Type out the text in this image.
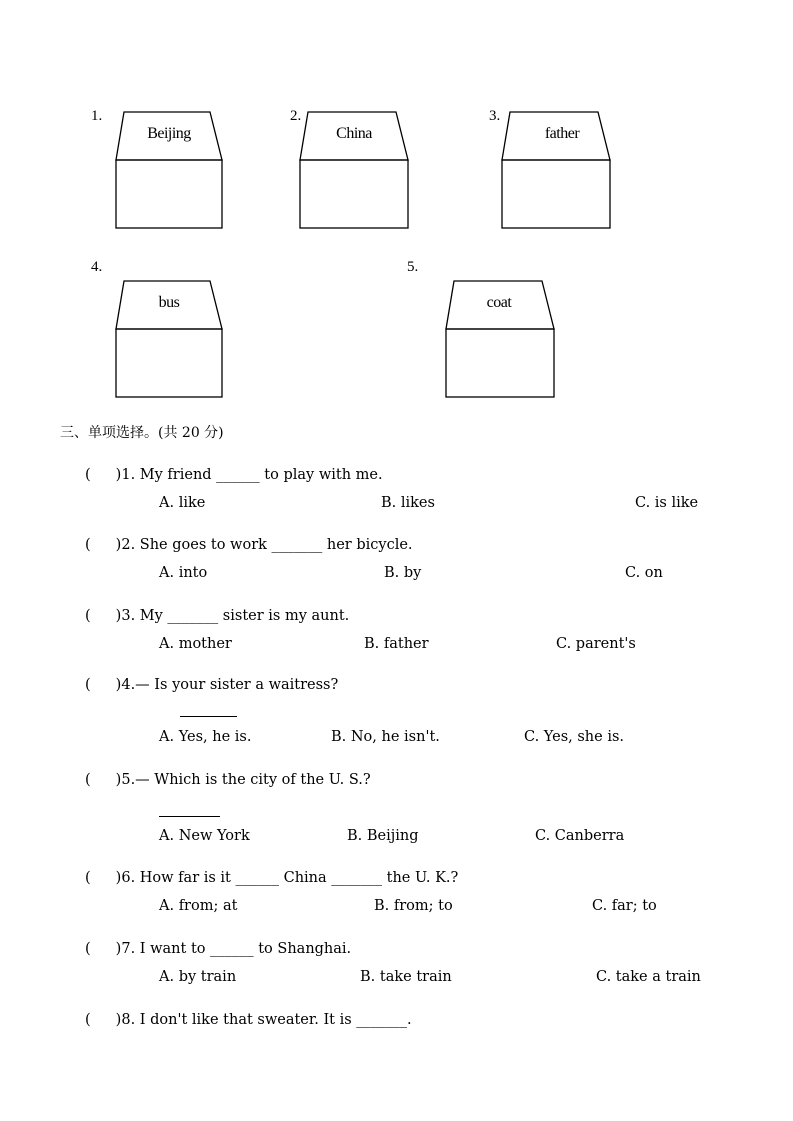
1.
Beijing
2.
China
3.
father
4.
bus
5.
coat
三、单项选择。(共 20 分)
( )1. My friend ______ to play with me.
A. like	B. likes	C. is like
( )2. She goes to work _______ her bicycle.
A. into	B. by	C. on
( )3. My _______ sister is my aunt.
A. mother	B. father	C. parent's
( )4.— Is your sister a waitress?
A. Yes, he is.	B. No, he isn't.	C. Yes, she is.
( )5.— Which is the city of the U. S.?
A. New York	B. Beijing	C. Canberra
( )6. How far is it ______ China _______ the U. K.?
A. from; at	B. from; to	C. far; to
( )7. I want to ______ to Shanghai.
A. by train	B. take train	C. take a train
( )8. I don't like that sweater. It is _______.
